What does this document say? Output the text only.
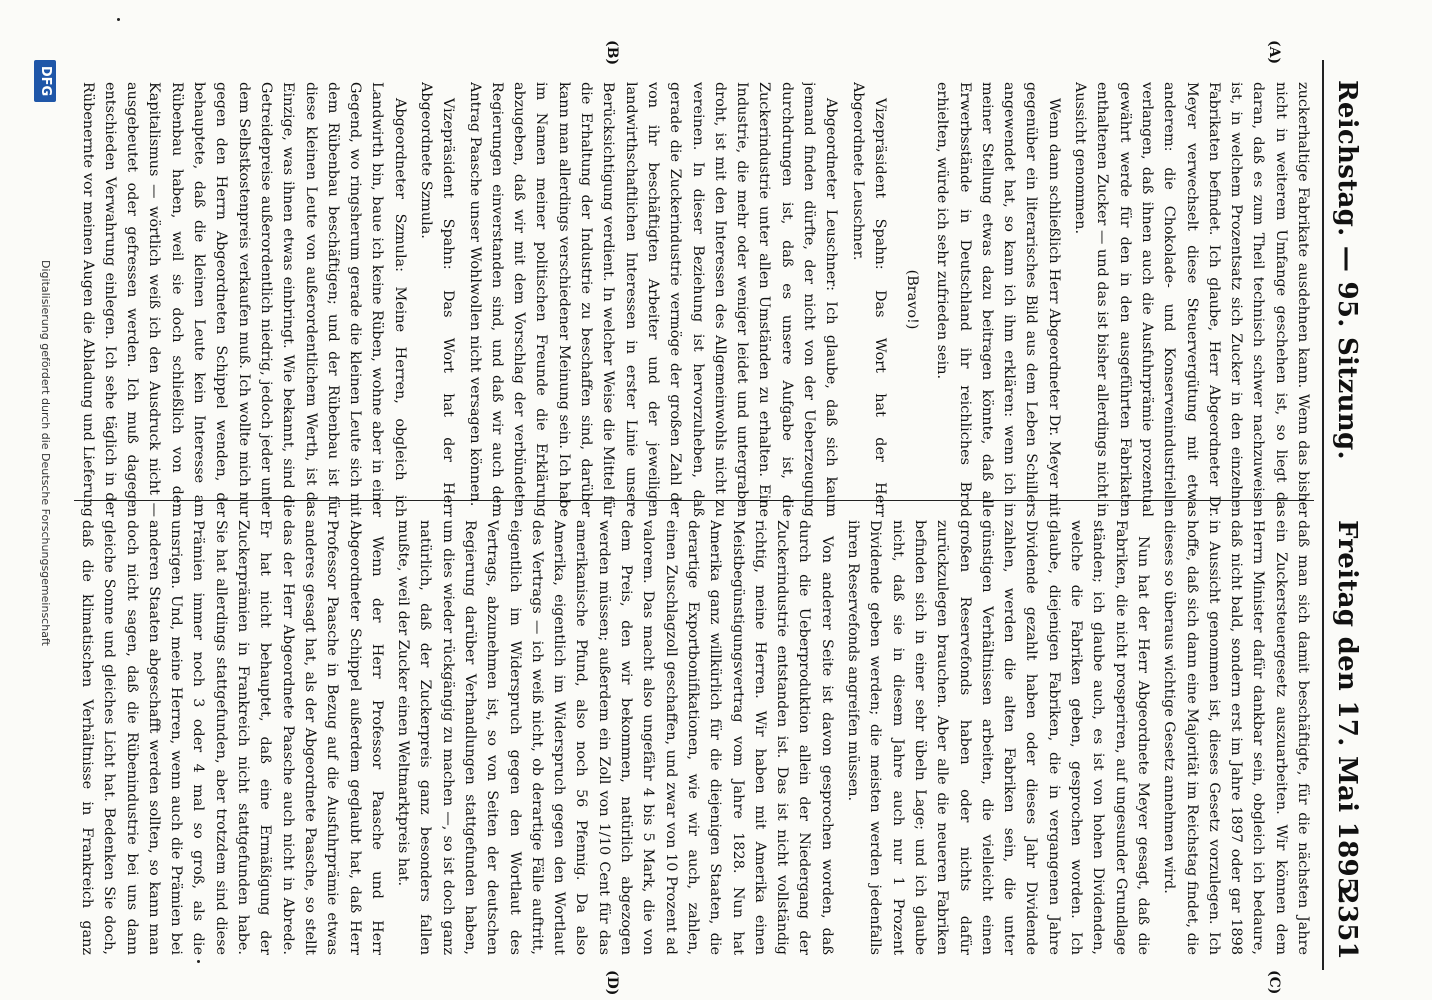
Reichstag. — 95. Sitzung.
Freitag den 17. Mai 1895.
2351
(A)
(B)
(C)
(D)

zuckerhaltige Fabrikate ausdehnen kann. Wenn das bisher nicht in weiterem Umfange geschehen ist, so liegt das daran, daß es zum Theil technisch schwer nachzuweisen ist, in welchem Prozentsatz sich Zucker in den einzelnen Fabrikaten befindet. Ich glaube, Herr Abgeordneter Dr. Meyer verwechselt diese Steuervergütung mit etwas anderem: die Chokolade- und Konservenindustriellen verlangen, daß ihnen auch die Ausfuhrprämie prozentual gewährt werde für den in den ausgeführten Fabrikaten enthaltenen Zucker — und das ist bisher allerdings nicht in Aussicht genommen.

Wenn dann schließlich Herr Abgeordneter Dr. Meyer mit gegenüber ein literarisches Bild aus dem Leben Schillers angewendet hat, so kann ich ihm erklären: wenn ich in meiner Stellung etwas dazu beitragen könnte, daß alle Erwerbsstände in Deutschland ihr reichliches Brod erhielten, würde ich sehr zufrieden sein.

(Bravo!)

Vizepräsident Spahn: Das Wort hat der Herr Abgeordnete Leuschner.

Abgeordneter Leuschner: Ich glaube, daß sich kaum jemand finden dürfte, der nicht von der Ueberzeugung durchdrungen ist, daß es unsere Aufgabe ist, die Zuckerindustrie unter allen Umständen zu erhalten. Eine Industrie, die mehr oder weniger leidet und untergraben droht, ist mit den Interessen des Allgemeinwohls nicht zu vereinen. In dieser Beziehung ist hervorzuheben, daß gerade die Zuckerindustrie vermöge der großen Zahl der von ihr beschäftigten Arbeiter und der jeweiligen landwirthschaftlichen Interessen in erster Linie unsere Berücksichtigung verdient. In welcher Weise die Mittel für die Erhaltung der Industrie zu beschaffen sind, darüber kann man allerdings verschiedener Meinung sein. Ich habe im Namen meiner politischen Freunde die Erklärung abzugeben, daß wir mit dem Vorschlag der verbündeten Regierungen einverstanden sind, und daß wir auch dem Antrag Paasche unser Wohlwollen nicht versagen können.

Vizepräsident Spahn: Das Wort hat der Herr Abgeordnete Szmula.

Abgeordneter Szmula: Meine Herren, obgleich ich Landwirth bin, baue ich keine Rüben, wohne aber in einer Gegend, wo ringsherum gerade die kleinen Leute sich mit dem Rübenbau beschäftigen; und der Rübenbau ist für diese kleinen Leute von außerordentlichem Werth, ist das Einzige, was ihnen etwas einbringt. Wie bekannt, sind die Getreidepreise außerordentlich niedrig, jedoch jeder unter dem Selbstkostenpreis verkaufen muß. Ich wollte mich nur gegen den Herrn Abgeordneten Schippel wenden, der behauptete, daß die kleinen Leute kein Interesse am Rübenbau haben, weil sie doch schließlich von dem Kapitalismus — wörtlich weiß ich den Ausdruck nicht — ausgebeutet oder gefressen werden. Ich muß dagegen entschieden Verwahrung einlegen. Ich sehe täglich in der Rübenernte vor meinen Augen die Abladung und Lieferung

daß man sich damit beschäftigte, für die nächsten Jahre ein Zuckersteuergesetz auszuarbeiten. Wir können dem Herrn Minister dafür dankbar sein, obgleich ich bedaure, daß nicht bald, sondern erst im Jahre 1897 oder gar 1898 in Aussicht genommen ist, dieses Gesetz vorzulegen. Ich hoffe, daß sich dann eine Majorität im Reichstag findet, die dieses so überaus wichtige Gesetz annehmen wird.

Nun hat der Herr Abgeordnete Meyer gesagt, daß die Fabriken, die nicht prosperiren, auf ungesunder Grundlage ständen; ich glaube auch, es ist von hohen Dividenden, welche die Fabriken geben, gesprochen worden. Ich glaube, diejenigen Fabriken, die in vergangenen Jahre Dividende gezahlt haben oder dieses Jahr Dividende zahlen, werden die alten Fabriken sein, die unter günstigen Verhältnissen arbeiten, die vielleicht einen großen Reservefonds haben oder nichts dafür zurückzulegen brauchen. Aber alle die neueren Fabriken befinden sich in einer sehr übeln Lage; und ich glaube nicht, daß sie in diesem Jahre auch nur 1 Prozent Dividende geben werden; die meisten werden jedenfalls ihren Reservefonds angreifen müssen.

Von anderer Seite ist davon gesprochen worden, daß durch die Ueberproduktion allein der Niedergang der Zuckerindustrie entstanden ist. Das ist nicht vollständig richtig, meine Herren. Wir haben mit Amerika einen Meistbegünstigungsvertrag vom Jahre 1828. Nun hat Amerika ganz willkürlich für die diejenigen Staaten, die derartige Exportbonifikationen, wie wir auch, zahlen, einen Zuschlagzoll geschaffen, und zwar von 10 Prozent ad valorem. Das macht also ungefähr 4 bis 5 Mark, die von dem Preis, den wir bekommen, natürlich abgezogen werden müssen; außerdem ein Zoll von 1/10 Cent für das amerikanische Pfund, also noch 56 Pfennig. Da also Amerika, eigentlich im Widerspruch gegen den Wortlaut des Vertrags — ich weiß nicht, ob derartige Fälle auftritt, eigentlich im Widerspruch gegen den Wortlaut des Vertrags, abzunehmen ist, so von Seiten der deutschen Regierung darüber Verhandlungen stattgefunden haben, um dies wieder rückgängig zu machen —, so ist doch ganz natürlich, daß der Zuckerpreis ganz besonders fallen mußte, weil der Zucker einen Weltmarktpreis hat.

Wenn der Herr Professor Paasche und Herr Abgeordneter Schippel außerdem geglaubt hat, daß Herr Professor Paasche in Bezug auf die Ausfuhrprämie etwas anderes gesagt hat, als der Abgeordnete Paasche, so stellt das der Herr Abgeordnete Paasche auch nicht in Abrede. Er hat nicht behauptet, daß eine Ermäßigung der Zuckerprämien in Frankreich nicht stattgefunden habe. Sie hat allerdings stattgefunden, aber trotzdem sind diese Prämien immer noch 3 oder 4 mal so groß, als die unsrigen. Und, meine Herren, wenn auch die Prämien bei anderen Staaten abgeschafft werden sollten, so kann man doch nicht sagen, daß die Rübenindustrie bei uns dann gleiche Sonne und gleiches Licht hat. Bedenken Sie doch, daß die klimatischen Verhältnisse in Frankreich ganz

DFG
Digitalisierung gefördert durch die Deutsche Forschungsgemeinschaft
